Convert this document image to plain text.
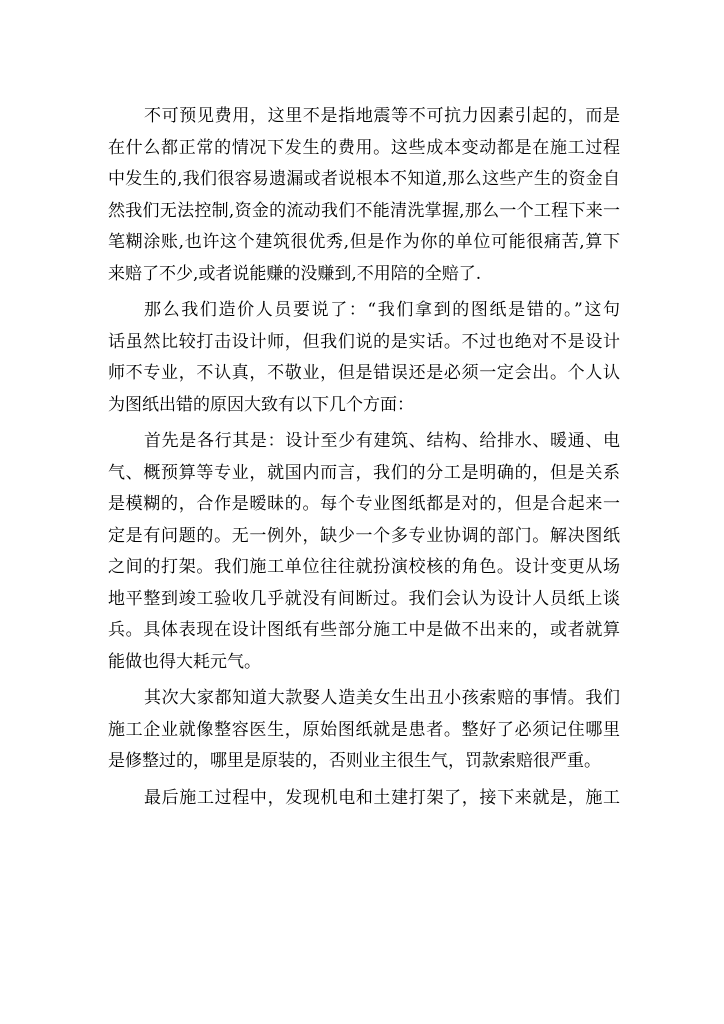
不可预见费用，这里不是指地震等不可抗力因素引起的，而是
在什么都正常的情况下发生的费用。这些成本变动都是在施工过程
中发生的,我们很容易遗漏或者说根本不知道,那么这些产生的资金自
然我们无法控制,资金的流动我们不能清洗掌握,那么一个工程下来一
笔糊涂账,也许这个建筑很优秀,但是作为你的单位可能很痛苦,算下
来赔了不少,或者说能赚的没赚到,不用陪的全赔了.
那么我们造价人员要说了：“我们拿到的图纸是错的。”这句
话虽然比较打击设计师，但我们说的是实话。不过也绝对不是设计
师不专业，不认真，不敬业，但是错误还是必须一定会出。个人认
为图纸出错的原因大致有以下几个方面：
首先是各行其是：设计至少有建筑、结构、给排水、暖通、电
气、概预算等专业，就国内而言，我们的分工是明确的，但是关系
是模糊的，合作是暧昧的。每个专业图纸都是对的，但是合起来一
定是有问题的。无一例外，缺少一个多专业协调的部门。解决图纸
之间的打架。我们施工单位往往就扮演校核的角色。设计变更从场
地平整到竣工验收几乎就没有间断过。我们会认为设计人员纸上谈
兵。具体表现在设计图纸有些部分施工中是做不出来的，或者就算
能做也得大耗元气。
其次大家都知道大款娶人造美女生出丑小孩索赔的事情。我们
施工企业就像整容医生，原始图纸就是患者。整好了必须记住哪里
是修整过的，哪里是原装的，否则业主很生气，罚款索赔很严重。
最后施工过程中，发现机电和土建打架了，接下来就是，施工
